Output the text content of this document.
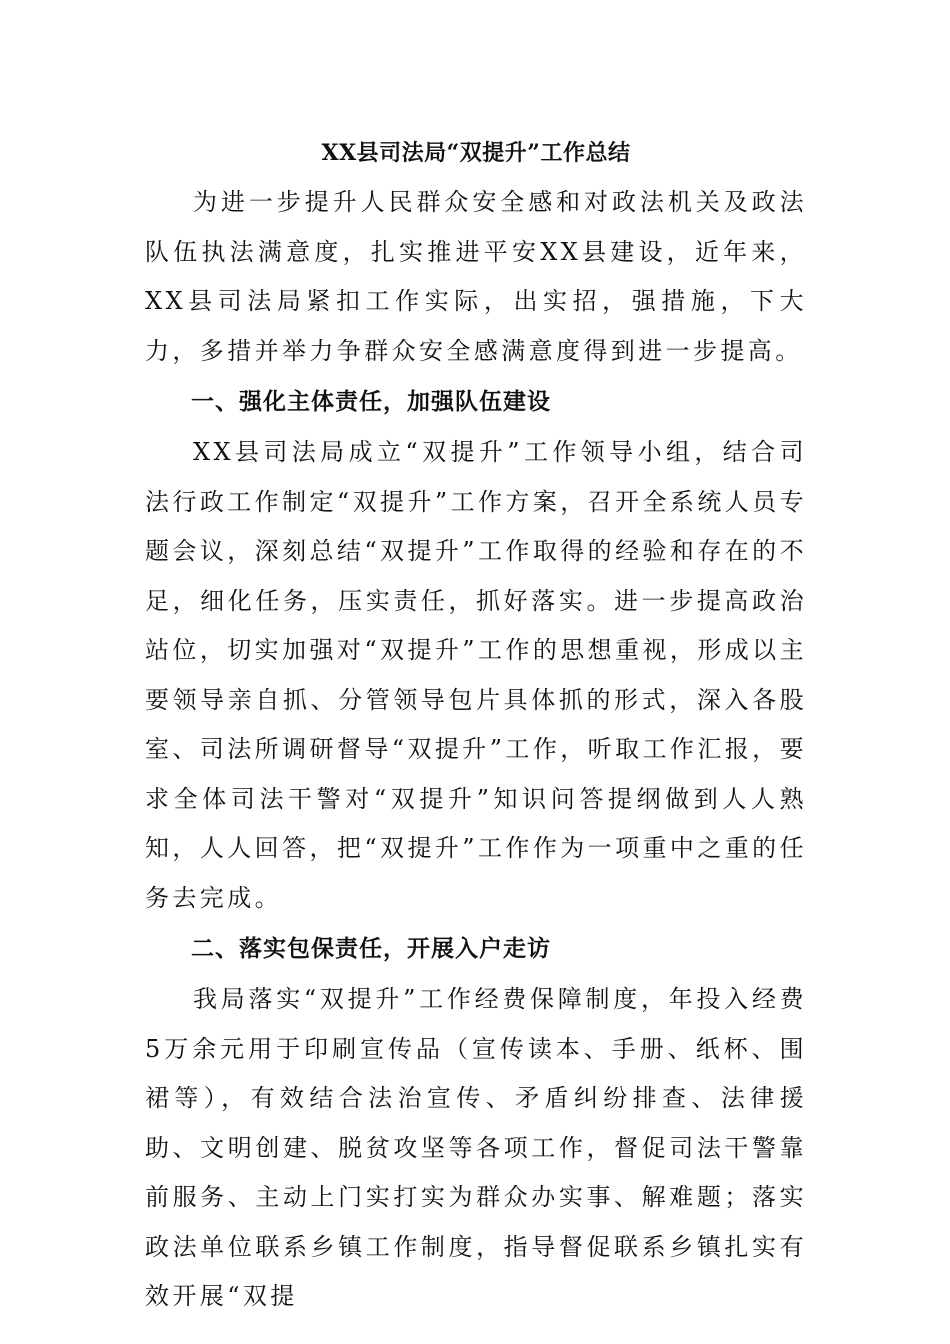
XX县司法局“双提升”工作总结

为进一步提升人民群众安全感和对政法机关及政法队伍执法满意度，扎实推进平安XX县建设，近年来，XX县司法局紧扣工作实际，出实招，强措施，下大力，多措并举力争群众安全感满意度得到进一步提高。

一、强化主体责任，加强队伍建设

XX县司法局成立“双提升”工作领导小组，结合司法行政工作制定“双提升”工作方案，召开全系统人员专题会议，深刻总结“双提升”工作取得的经验和存在的不足，细化任务，压实责任，抓好落实。进一步提高政治站位，切实加强对“双提升”工作的思想重视，形成以主要领导亲自抓、分管领导包片具体抓的形式，深入各股室、司法所调研督导“双提升”工作，听取工作汇报，要求全体司法干警对“双提升”知识问答提纲做到人人熟知，人人回答，把“双提升”工作作为一项重中之重的任务去完成。

二、落实包保责任，开展入户走访

我局落实“双提升”工作经费保障制度，年投入经费5万余元用于印刷宣传品（宣传读本、手册、纸杯、围裙等），有效结合法治宣传、矛盾纠纷排查、法律援助、文明创建、脱贫攻坚等各项工作，督促司法干警靠前服务、主动上门实打实为群众办实事、解难题；落实政法单位联系乡镇工作制度，指导督促联系乡镇扎实有效开展“双提
